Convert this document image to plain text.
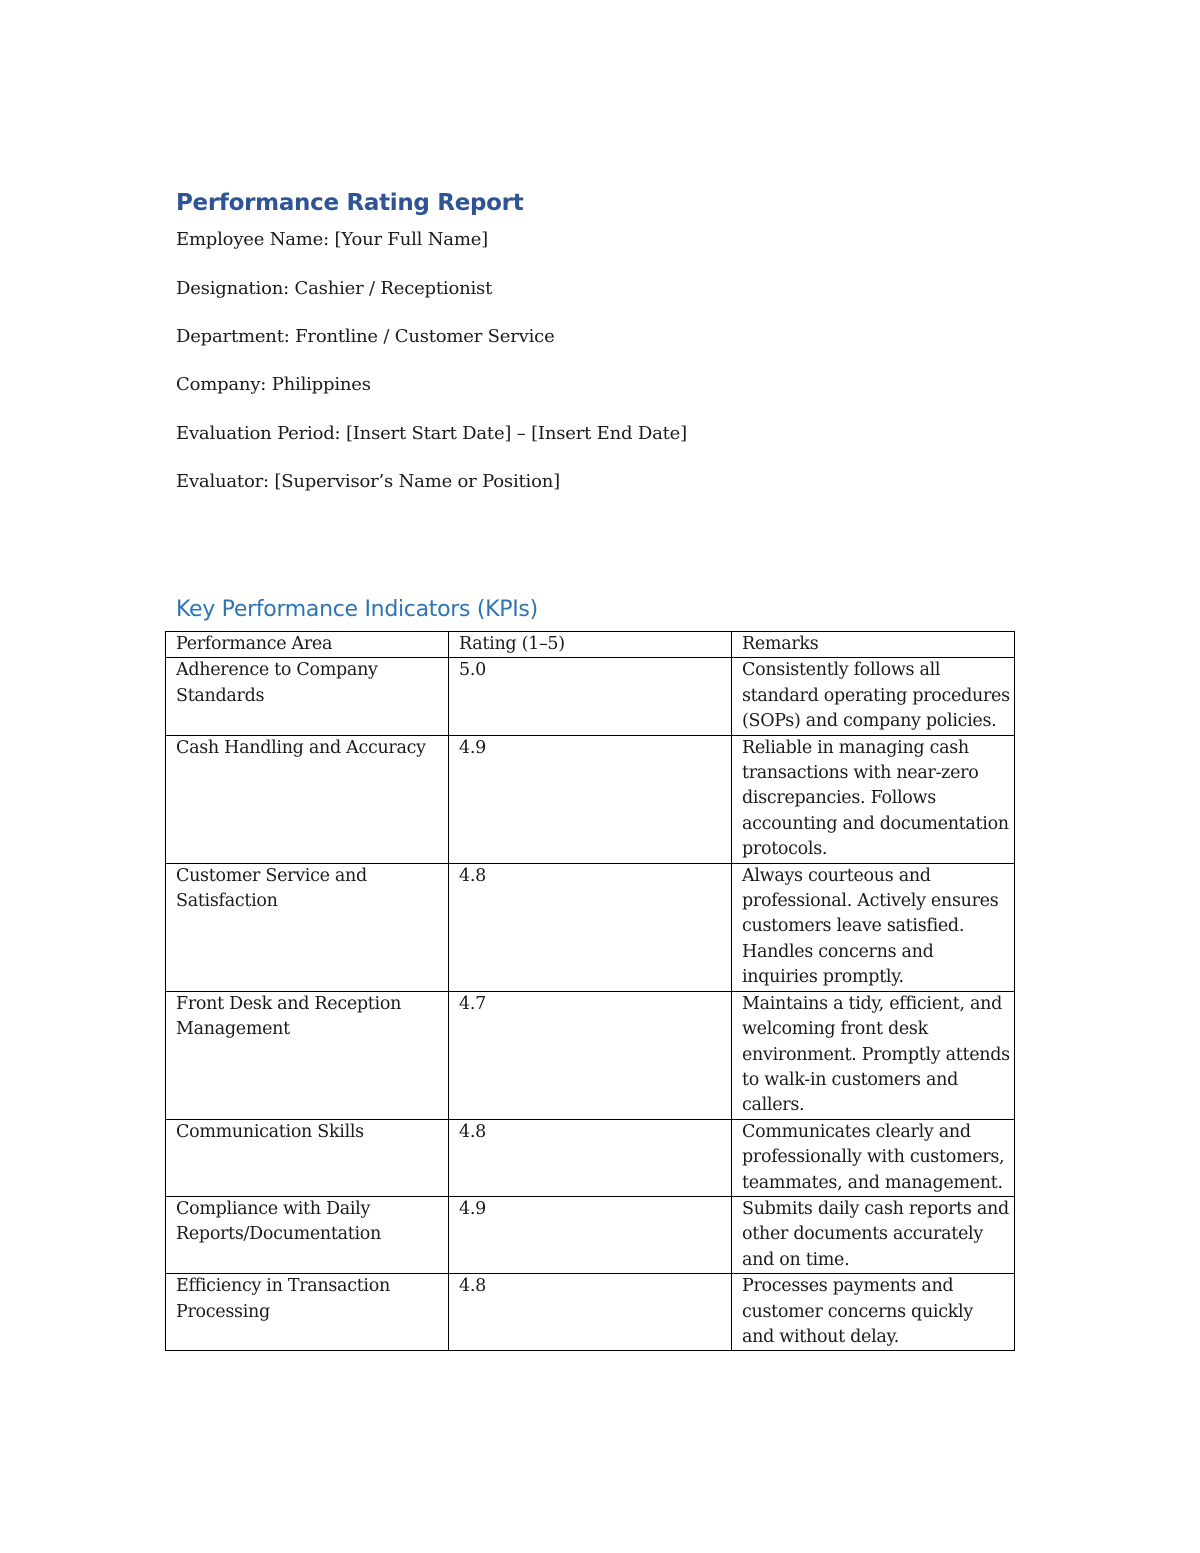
Performance Rating Report
Employee Name: [Your Full Name]
Designation: Cashier / Receptionist
Department: Frontline / Customer Service
Company: Philippines
Evaluation Period: [Insert Start Date] – [Insert End Date]
Evaluator: [Supervisor’s Name or Position]
Key Performance Indicators (KPIs)
Performance Area	Rating (1–5)	Remarks
Adherence to Company Standards	5.0	Consistently follows all standard operating procedures (SOPs) and company policies.
Cash Handling and Accuracy	4.9	Reliable in managing cash transactions with near-zero discrepancies. Follows accounting and documentation protocols.
Customer Service and Satisfaction	4.8	Always courteous and professional. Actively ensures customers leave satisfied. Handles concerns and inquiries promptly.
Front Desk and Reception Management	4.7	Maintains a tidy, efficient, and welcoming front desk environment. Promptly attends to walk-in customers and callers.
Communication Skills	4.8	Communicates clearly and professionally with customers, teammates, and management.
Compliance with Daily Reports/Documentation	4.9	Submits daily cash reports and other documents accurately and on time.
Efficiency in Transaction Processing	4.8	Processes payments and customer concerns quickly and without delay.
